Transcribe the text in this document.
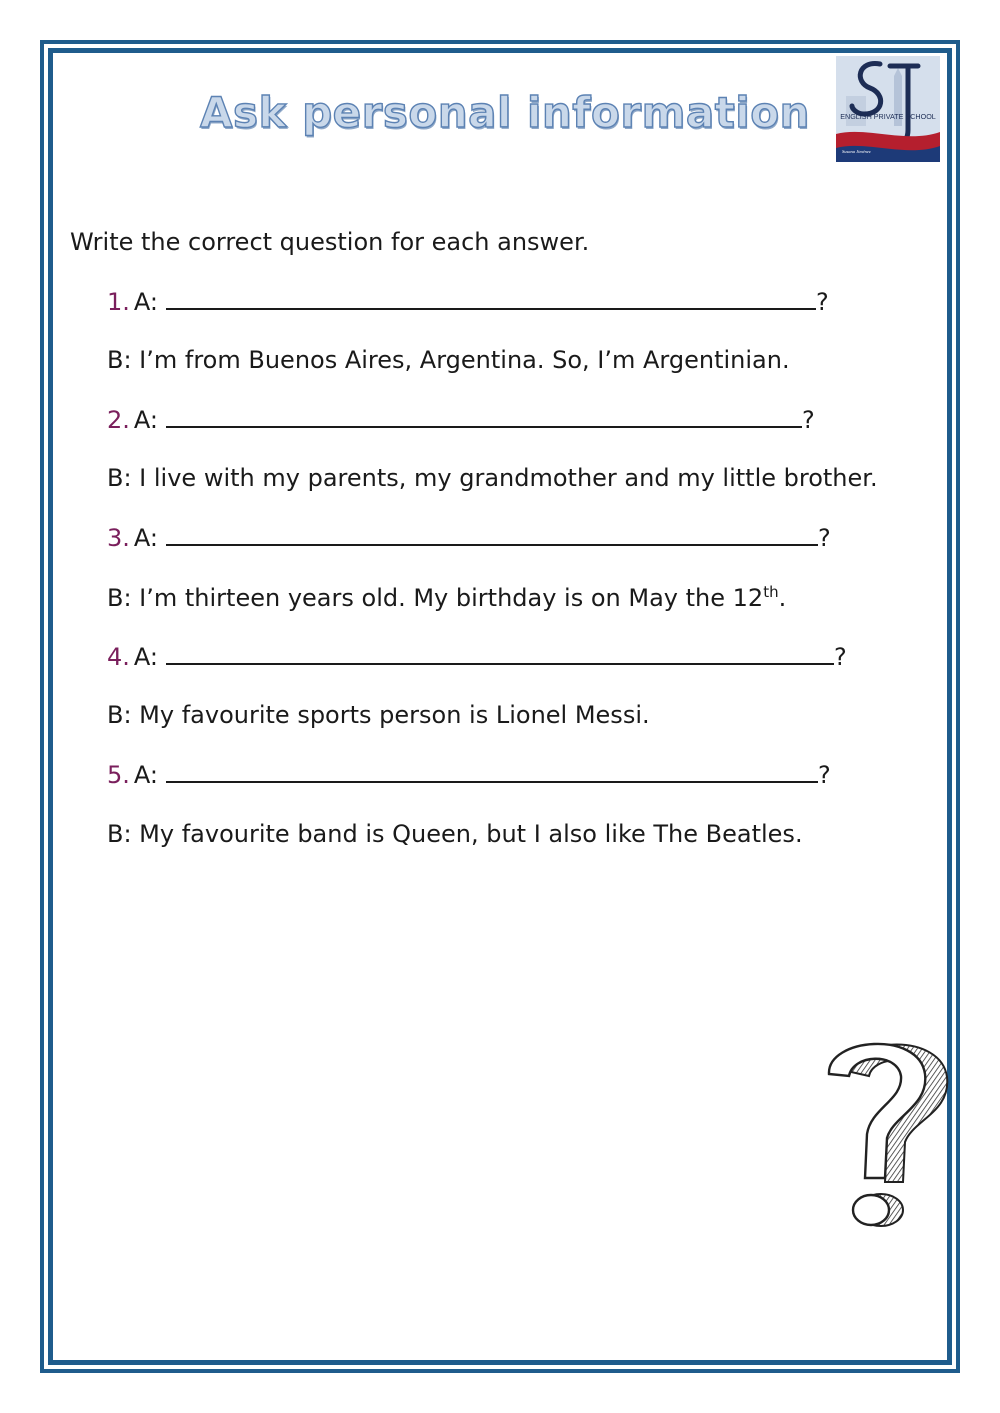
Ask personal information	ENGLISH PRIVATE SCHOOL
Susana Jiménez
Write the correct question for each answer.
1. A:	?
B: I’m from Buenos Aires, Argentina. So, I’m Argentinian.
2. A:	?
B: I live with my parents, my grandmother and my little brother.
3. A:	?
B: I’m thirteen years old. My birthday is on May the 12th.
4. A:	?
B: My favourite sports person is Lionel Messi.
5. A:	?
B: My favourite band is Queen, but I also like The Beatles.
